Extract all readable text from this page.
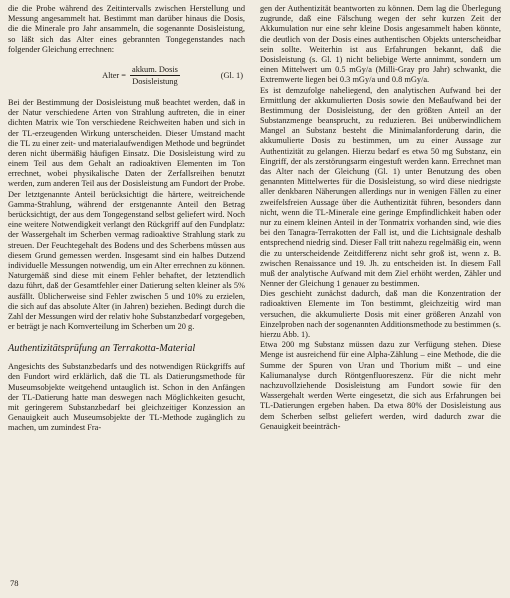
die die Probe während des Zeitintervalls zwischen Herstellung und Messung angesammelt hat. Bestimmt man darüber hinaus die Dosis, die die Minerale pro Jahr ansammeln, die sogenannte Dosisleistung, so läßt sich das Alter eines gebrannten Tongegenstandes nach folgender Gleichung errechnen:

Alter = $\frac{\text{akkum. Dosis}}{\text{Dosisleistung}}$	(Gl. 1)

Bei der Bestimmung der Dosisleistung muß beachtet werden, daß in der Natur verschiedene Arten von Strahlung auftreten, die in einer dichten Matrix wie Ton verschiedene Reichweiten haben und sich in der TL-erzeugenden Wirkung unterscheiden. Dieser Umstand macht die TL zu einer zeit- und materialaufwendigen Methode und begründet deren nicht übermäßig häufigen Einsatz. Die Dosisleistung wird zu einem Teil aus dem Gehalt an radioaktiven Elementen im Ton errechnet, wobei physikalische Daten der Zerfallsreihen benutzt werden, zum anderen Teil aus der Dosisleistung am Fundort der Probe. Der letztgenannte Anteil berücksichtigt die härtere, weitreichende Gamma-Strahlung, während der erstgenannte Anteil den Betrag berücksichtigt, der aus dem Tongegenstand selbst geliefert wird. Noch eine weitere Notwendigkeit verlangt den Rückgriff auf den Fundplatz: der Wassergehalt im Scherben vermag radioaktive Strahlung stark zu streuen. Der Feuchtegehalt des Bodens und des Scherbens müssen aus diesem Grund gemessen werden. Insgesamt sind ein halbes Dutzend individuelle Messungen notwendig, um ein Alter errechnen zu können. Naturgemäß sind diese mit einem Fehler behaftet, der letztendlich dazu führt, daß der Gesamtfehler einer Datierung selten kleiner als 5% ausfällt. Üblicherweise sind Fehler zwischen 5 und 10% zu erzielen, die sich auf das absolute Alter (in Jahren) beziehen. Bedingt durch die Zahl der Messungen wird der relativ hohe Substanzbedarf vorgegeben, er beträgt je nach Kornverteilung im Scherben um 20 g.

Authentizitätsprüfung an Terrakotta-Material

Angesichts des Substanzbedarfs und des notwendigen Rückgriffs auf den Fundort wird erklärlich, daß die TL als Datierungsmethode für Museumsobjekte weitgehend untauglich ist. Schon in den Anfängen der TL-Datierung hatte man deswegen nach Möglichkeiten gesucht, mit geringerem Substanzbedarf bei gleichzeitiger Konzession an Genauigkeit auch Museumsobjekte der TL-Methode zugänglich zu machen, um zumindest Fra-

gen der Authentizität beantworten zu können. Dem lag die Überlegung zugrunde, daß eine Fälschung wegen der sehr kurzen Zeit der Akkumulation nur eine sehr kleine Dosis angesammelt haben könnte, die deutlich von der Dosis eines authentischen Objekts unterscheidbar sein sollte. Weiterhin ist aus Erfahrungen bekannt, daß die Dosisleistung (s. Gl. 1) nicht beliebige Werte annimmt, sondern um einen Mittelwert um 0.5 mGy/a (Milli-Gray pro Jahr) schwankt, die Extremwerte liegen bei 0.3 mGy/a und 0.8 mGy/a.

Es ist demzufolge naheliegend, den analytischen Aufwand bei der Ermittlung der akkumulierten Dosis sowie den Meßaufwand bei der Bestimmung der Dosisleistung, der den größten Anteil an der Substanzmenge beansprucht, zu reduzieren. Bei unüberwindlichem Mangel an Substanz besteht die Minimalanforderung darin, die akkumulierte Dosis zu bestimmen, um zu einer Aussage zur Authentizität zu gelangen. Hierzu bedarf es etwa 50 mg Substanz, ein Eingriff, der als zerstörungsarm eingestuft werden kann. Errechnet man das Alter nach der Gleichung (Gl. 1) unter Benutzung des oben genannten Mittelwertes für die Dosisleistung, so wird diese niedrigste aller denkbaren Näherungen allerdings nur in wenigen Fällen zu einer zweifelsfreien Aussage über die Authentizität führen, besonders dann nicht, wenn die TL-Minerale eine geringe Empfindlichkeit haben oder nur zu einem kleinen Anteil in der Tonmatrix vorhanden sind, wie dies bei den Tanagra-Terrakotten der Fall ist, und die Lichtsignale deshalb entsprechend niedrig sind. Dieser Fall tritt nahezu regelmäßig ein, wenn die zu unterscheidende Zeitdifferenz nicht sehr groß ist, wenn z. B. zwischen Renaissance und 19. Jh. zu entscheiden ist. In diesem Fall muß der analytische Aufwand mit dem Ziel erhöht werden, Zähler und Nenner der Gleichung 1 genauer zu bestimmen.

Dies geschieht zunächst dadurch, daß man die Konzentration der radioaktiven Elemente im Ton bestimmt, gleichzeitig wird man versuchen, die akkumulierte Dosis mit einer größeren Anzahl von Einzelproben nach der sogenannten Additionsmethode zu bestimmen (s. hierzu Abb. 1).

Etwa 200 mg Substanz müssen dazu zur Verfügung stehen. Diese Menge ist ausreichend für eine Alpha-Zählung – eine Methode, die die Summe der Spuren von Uran und Thorium mißt – und eine Kaliumanalyse durch Röntgenfluoreszenz. Für die nicht mehr nachzuvollziehende Dosisleistung am Fundort sowie für den Wassergehalt werden Werte eingesetzt, die sich aus Erfahrungen bei TL-Datierungen ergeben haben. Da etwa 80% der Dosisleistung aus dem Scherben selbst geliefert werden, wird dadurch zwar die Genauigkeit beeinträch-

78
